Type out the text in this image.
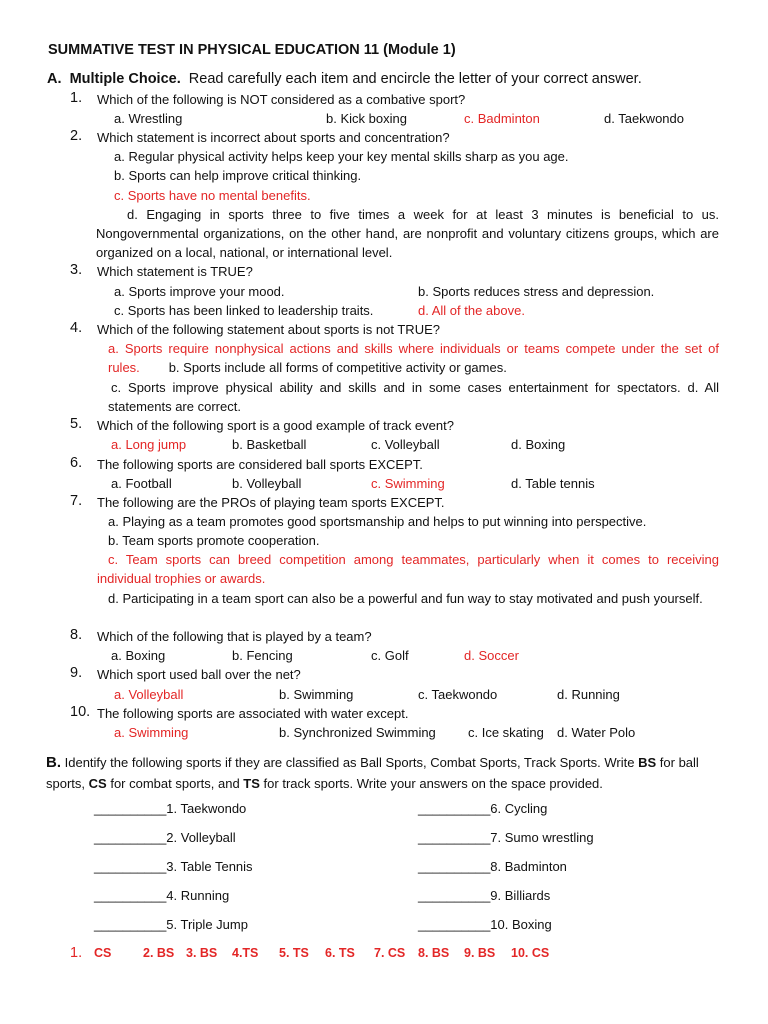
SUMMATIVE TEST IN PHYSICAL EDUCATION 11 (Module 1)
A. Multiple Choice. Read carefully each item and encircle the letter of your correct answer.
1. Which of the following is NOT considered as a combative sport?
a. Wrestling	b. Kick boxing	c. Badminton	d. Taekwondo
2. Which statement is incorrect about sports and concentration?
a. Regular physical activity helps keep your key mental skills sharp as you age.
b. Sports can help improve critical thinking.
c. Sports have no mental benefits.
d. Engaging in sports three to five times a week for at least 3 minutes is beneficial to us. Nongovernmental organizations, on the other hand, are nonprofit and voluntary citizens groups, which are organized on a local, national, or international level.
3. Which statement is TRUE?
a. Sports improve your mood.	b. Sports reduces stress and depression.
c. Sports has been linked to leadership traits.	d. All of the above.
4. Which of the following statement about sports is not TRUE?
a. Sports require nonphysical actions and skills where individuals or teams compete under the set of rules. b. Sports include all forms of competitive activity or games.
c. Sports improve physical ability and skills and in some cases entertainment for spectators. d. All statements are correct.
5. Which of the following sport is a good example of track event?
a. Long jump	b. Basketball	c. Volleyball	d. Boxing
6. The following sports are considered ball sports EXCEPT.
a. Football	b. Volleyball	c. Swimming	d. Table tennis
7. The following are the PROs of playing team sports EXCEPT.
a. Playing as a team promotes good sportsmanship and helps to put winning into perspective.
b. Team sports promote cooperation.
c. Team sports can breed competition among teammates, particularly when it comes to receiving individual trophies or awards.
d. Participating in a team sport can also be a powerful and fun way to stay motivated and push yourself.
8. Which of the following that is played by a team?
a. Boxing	b. Fencing	c. Golf	d. Soccer
9. Which sport used ball over the net?
a. Volleyball	b. Swimming	c. Taekwondo	d. Running
10. The following sports are associated with water except.
a. Swimming	b. Synchronized Swimming c. Ice skating d. Water Polo
B. Identify the following sports if they are classified as Ball Sports, Combat Sports, Track Sports. Write BS for ball sports, CS for combat sports, and TS for track sports. Write your answers on the space provided.
__________1. Taekwondo
__________2. Volleyball
__________3. Table Tennis
__________4. Running
__________5. Triple Jump
__________6. Cycling
__________7. Sumo wrestling
__________8. Badminton
__________9. Billiards
__________10. Boxing
1. CS	2. BS 3. BS 4.TS 5. TS 6. TS 7. CS 8. BS 9. BS 10. CS
